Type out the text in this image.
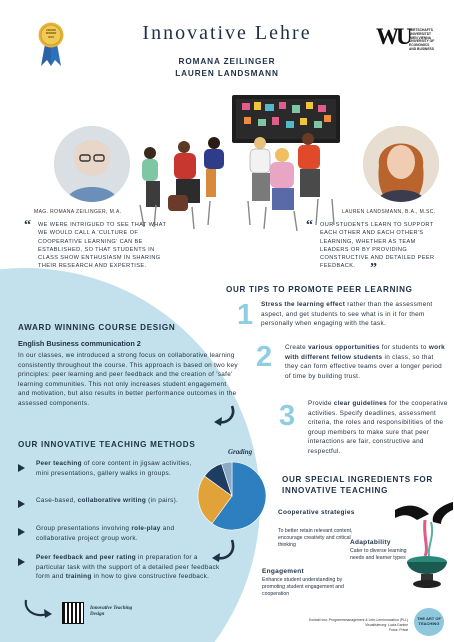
AWARD
WINNER
2024	Innovative Lehre
ROMANA ZEILINGER
LAUREN LANDSMANN
WU WIRTSCHAFTS
UNIVERSITÄT
WIEN VIENNA
UNIVERSITY OF
ECONOMICS
AND BUSINESS
MAG. ROMANA ZEILINGER, M.A.
“ WE WERE INTRIGUED TO SEE THAT WHAT WE WOULD CALL A 'CULTURE OF COOPERATIVE LEARNING' CAN BE ESTABLISHED, SO THAT STUDENTS IN CLASS SHOW ENTHUSIASM IN SHARING THEIR RESEARCH AND EXPERTISE.
LAUREN LANDSMANN, B.A., M.SC.
“ OUR STUDENTS LEARN TO SUPPORT EACH OTHER AND EACH OTHER'S LEARNING, WHETHER AS TEAM LEADERS OR BY PROVIDING CONSTRUCTIVE AND DETAILED PEER FEEDBACK.	”
AWARD WINNING COURSE DESIGN
English Business communication 2
In our classes, we introduced a strong focus on collaborative learning consistently throughout the course. This approach is based on two key principles: peer learning and peer feedback and the creation of 'safe' learning communities. This not only increases student engagement and motivation, but also results in better performance outcomes in the assessed components.
OUR INNOVATIVE TEACHING METHODS
Peer teaching of core content in jigsaw activities, mini presentations, gallery walks in groups.
Case-based, collaborative writing (in pairs).
Group presentations involving role-play and collaborative project group work.
Peer feedback and peer rating in preparation for a particular task with the support of a detailed peer feedback form and training in how to give constructive feedback.
Grading
Innovative Teaching Design
OUR TIPS TO PROMOTE PEER LEARNING
1 Stress the learning effect rather than the assessment aspect, and get students to see what is in it for them personally when engaging with the task.
2 Create various opportunities for students to work with different fellow students in class, so that they can form effective teams over a longer period of time by building trust.
3 Provide clear guidelines for the cooperative activities. Specify deadlines, assessment criteria, the roles and responsibilities of the group members to make sure that peer interactions are fair, constructive and respectful.
OUR SPECIAL INGREDIENTS FOR INNOVATIVE TEACHING
Cooperative strategies
To better retain relevant content, encourage creativity and critical thinking	Adaptability
Cater to diverse learning needs and learner types
Engagement
Enhance student understanding by promoting student engagement and cooperation
Kontakt von: Programmmanagement & Lehr-Lerninnovation (PLL)
Visualisierung: Lucia Ganine
Fotos: Privat
THE ART OF TEACHING
